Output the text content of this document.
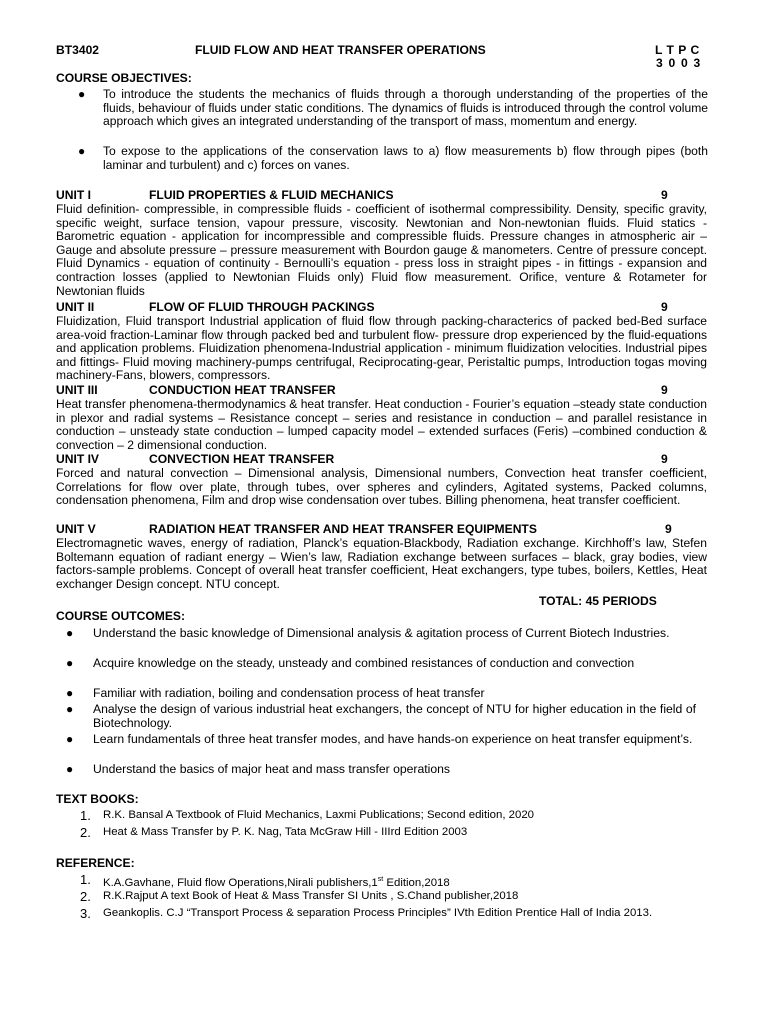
BT3402	FLUID FLOW AND HEAT TRANSFER OPERATIONS	L T P C
3 0 0 3
COURSE OBJECTIVES:
● To introduce the students the mechanics of fluids through a thorough understanding of the properties of the fluids, behaviour of fluids under static conditions. The dynamics of fluids is introduced through the control volume approach which gives an integrated understanding of the transport of mass, momentum and energy.
● To expose to the applications of the conservation laws to a) flow measurements b) flow through pipes (both laminar and turbulent) and c) forces on vanes.
UNIT I	FLUID PROPERTIES & FLUID MECHANICS	9
Fluid definition- compressible, in compressible fluids - coefficient of isothermal compressibility. Density, specific gravity, specific weight, surface tension, vapour pressure, viscosity. Newtonian and Non-newtonian fluids. Fluid statics - Barometric equation - application for incompressible and compressible fluids. Pressure changes in atmospheric air – Gauge and absolute pressure – pressure measurement with Bourdon gauge & manometers. Centre of pressure concept. Fluid Dynamics - equation of continuity - Bernoulli’s equation - press loss in straight pipes - in fittings - expansion and contraction losses (applied to Newtonian Fluids only) Fluid flow measurement. Orifice, venture & Rotameter for Newtonian fluids
UNIT II	FLOW OF FLUID THROUGH PACKINGS	9
Fluidization, Fluid transport Industrial application of fluid flow through packing-characterics of packed bed-Bed surface area-void fraction-Laminar flow through packed bed and turbulent flow- pressure drop experienced by the fluid-equations and application problems. Fluidization phenomena-Industrial application - minimum fluidization velocities. Industrial pipes and fittings- Fluid moving machinery-pumps centrifugal, Reciprocating-gear, Peristaltic pumps, Introduction togas moving machinery-Fans, blowers, compressors.
UNIT III	CONDUCTION HEAT TRANSFER	9
Heat transfer phenomena-thermodynamics & heat transfer. Heat conduction - Fourier’s equation –steady state conduction in plexor and radial systems – Resistance concept – series and resistance in conduction – and parallel resistance in conduction – unsteady state conduction – lumped capacity model – extended surfaces (Feris) –combined conduction & convection – 2 dimensional conduction.
UNIT IV	CONVECTION HEAT TRANSFER	9
Forced and natural convection – Dimensional analysis, Dimensional numbers, Convection heat transfer coefficient, Correlations for flow over plate, through tubes, over spheres and cylinders, Agitated systems, Packed columns, condensation phenomena, Film and drop wise condensation over tubes. Billing phenomena, heat transfer coefficient.
UNIT V	RADIATION HEAT TRANSFER AND HEAT TRANSFER EQUIPMENTS	9
Electromagnetic waves, energy of radiation, Planck’s equation-Blackbody, Radiation exchange. Kirchhoff’s law, Stefen Boltemann equation of radiant energy – Wien’s law, Radiation exchange between surfaces – black, gray bodies, view factors-sample problems. Concept of overall heat transfer coefficient, Heat exchangers, type tubes, boilers, Kettles, Heat exchanger Design concept. NTU concept.
TOTAL: 45 PERIODS
COURSE OUTCOMES:
● Understand the basic knowledge of Dimensional analysis & agitation process of Current Biotech Industries.
● Acquire knowledge on the steady, unsteady and combined resistances of conduction and convection
● Familiar with radiation, boiling and condensation process of heat transfer
● Analyse the design of various industrial heat exchangers, the concept of NTU for higher education in the field of Biotechnology.
● Learn fundamentals of three heat transfer modes, and have hands-on experience on heat transfer equipment’s.
● Understand the basics of major heat and mass transfer operations
TEXT BOOKS:
1. R.K. Bansal A Textbook of Fluid Mechanics, Laxmi Publications; Second edition, 2020
2. Heat & Mass Transfer by P. K. Nag, Tata McGraw Hill - IIIrd Edition 2003
REFERENCE:
1. K.A.Gavhane, Fluid flow Operations,Nirali publishers,1st Edition,2018
2. R.K.Rajput A text Book of Heat & Mass Transfer SI Units , S.Chand publisher,2018
3. Geankoplis. C.J “Transport Process & separation Process Principles” IVth Edition Prentice Hall of India 2013.
